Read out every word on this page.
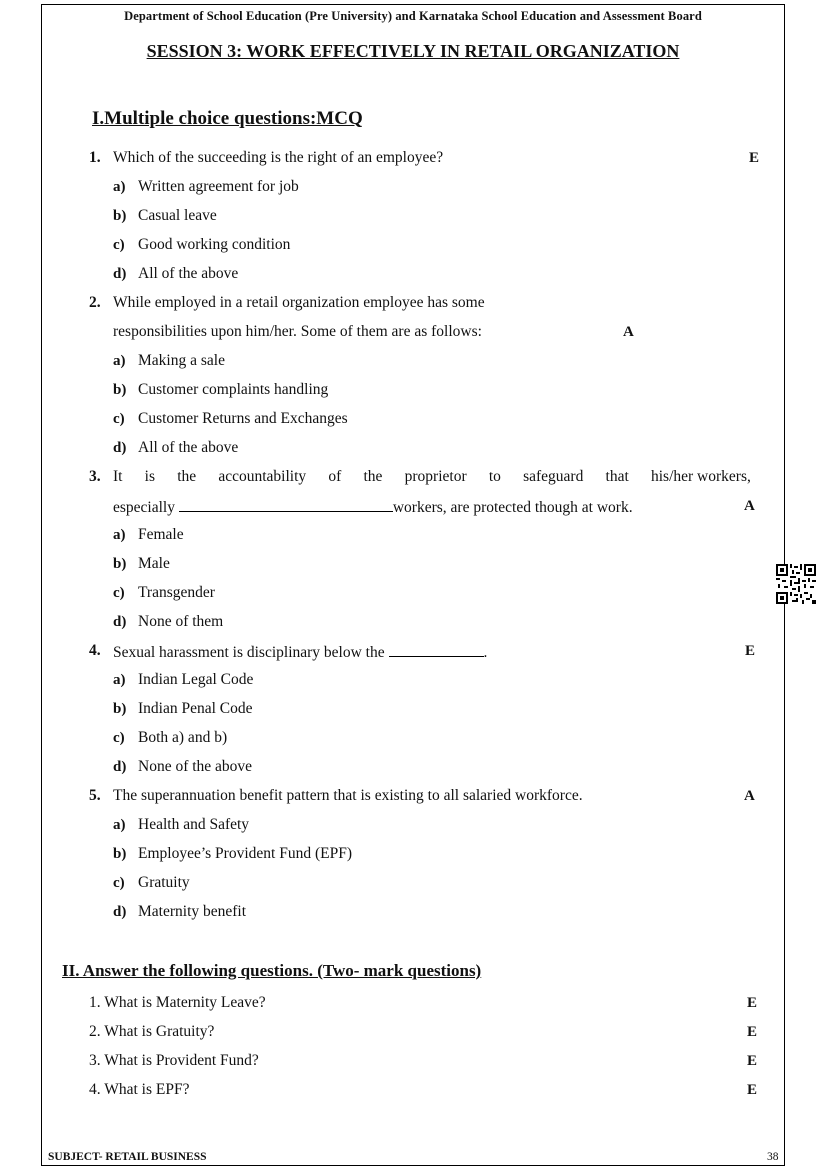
Department of School Education (Pre University) and Karnataka School Education and Assessment Board
SESSION 3: WORK EFFECTIVELY IN RETAIL ORGANIZATION
I.Multiple choice questions:MCQ
1. Which of the succeeding is the right of an employee?	E
a) Written agreement for job
b) Casual leave
c) Good working condition
d) All of the above
2. While employed in a retail organization employee has some
responsibilities upon him/her. Some of them are as follows:	A
a) Making a sale
b) Customer complaints handling
c) Customer Returns and Exchanges
d) All of the above
3. It is the accountability of the proprietor to safeguard that his/her workers,
especially	workers, are protected though at work.	A
a) Female
b) Male
c) Transgender
d) None of them
4. Sexual harassment is disciplinary below the	.	E
a) Indian Legal Code
b) Indian Penal Code
c) Both a) and b)
d) None of the above
5. The superannuation benefit pattern that is existing to all salaried workforce.	A
a) Health and Safety
b) Employee’s Provident Fund (EPF)
c) Gratuity
d) Maternity benefit
II. Answer the following questions. (Two- mark questions)
1. What is Maternity Leave?	E
2. What is Gratuity?	E
3. What is Provident Fund?	E
4. What is EPF?	E
SUBJECT- RETAIL BUSINESS	38
